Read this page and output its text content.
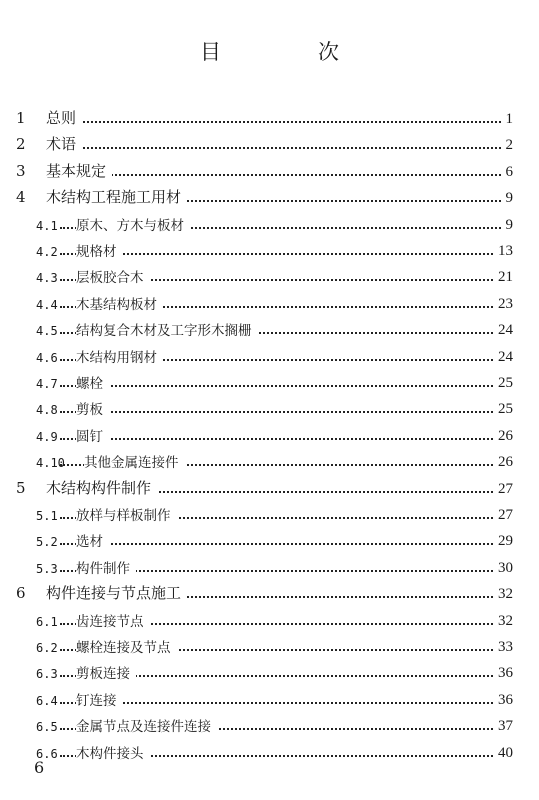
目　次
1 总则	1
2 术语	2
3 基本规定	6
4 木结构工程施工用材	9
4.1 原木、方木与板材	9
4.2 规格材	13
4.3 层板胶合木	21
4.4 木基结构板材	23
4.5 结构复合木材及工字形木搁栅	24
4.6 木结构用钢材	24
4.7 螺栓	25
4.8 剪板	25
4.9 圆钉	26
4.10 其他金属连接件	26
5 木结构构件制作	27
5.1 放样与样板制作	27
5.2 选材	29
5.3 构件制作	30
6 构件连接与节点施工	32
6.1 齿连接节点	32
6.2 螺栓连接及节点	33
6.3 剪板连接	36
6.4 钉连接	36
6.5 金属节点及连接件连接	37
6.6 木构件接头	40
6
